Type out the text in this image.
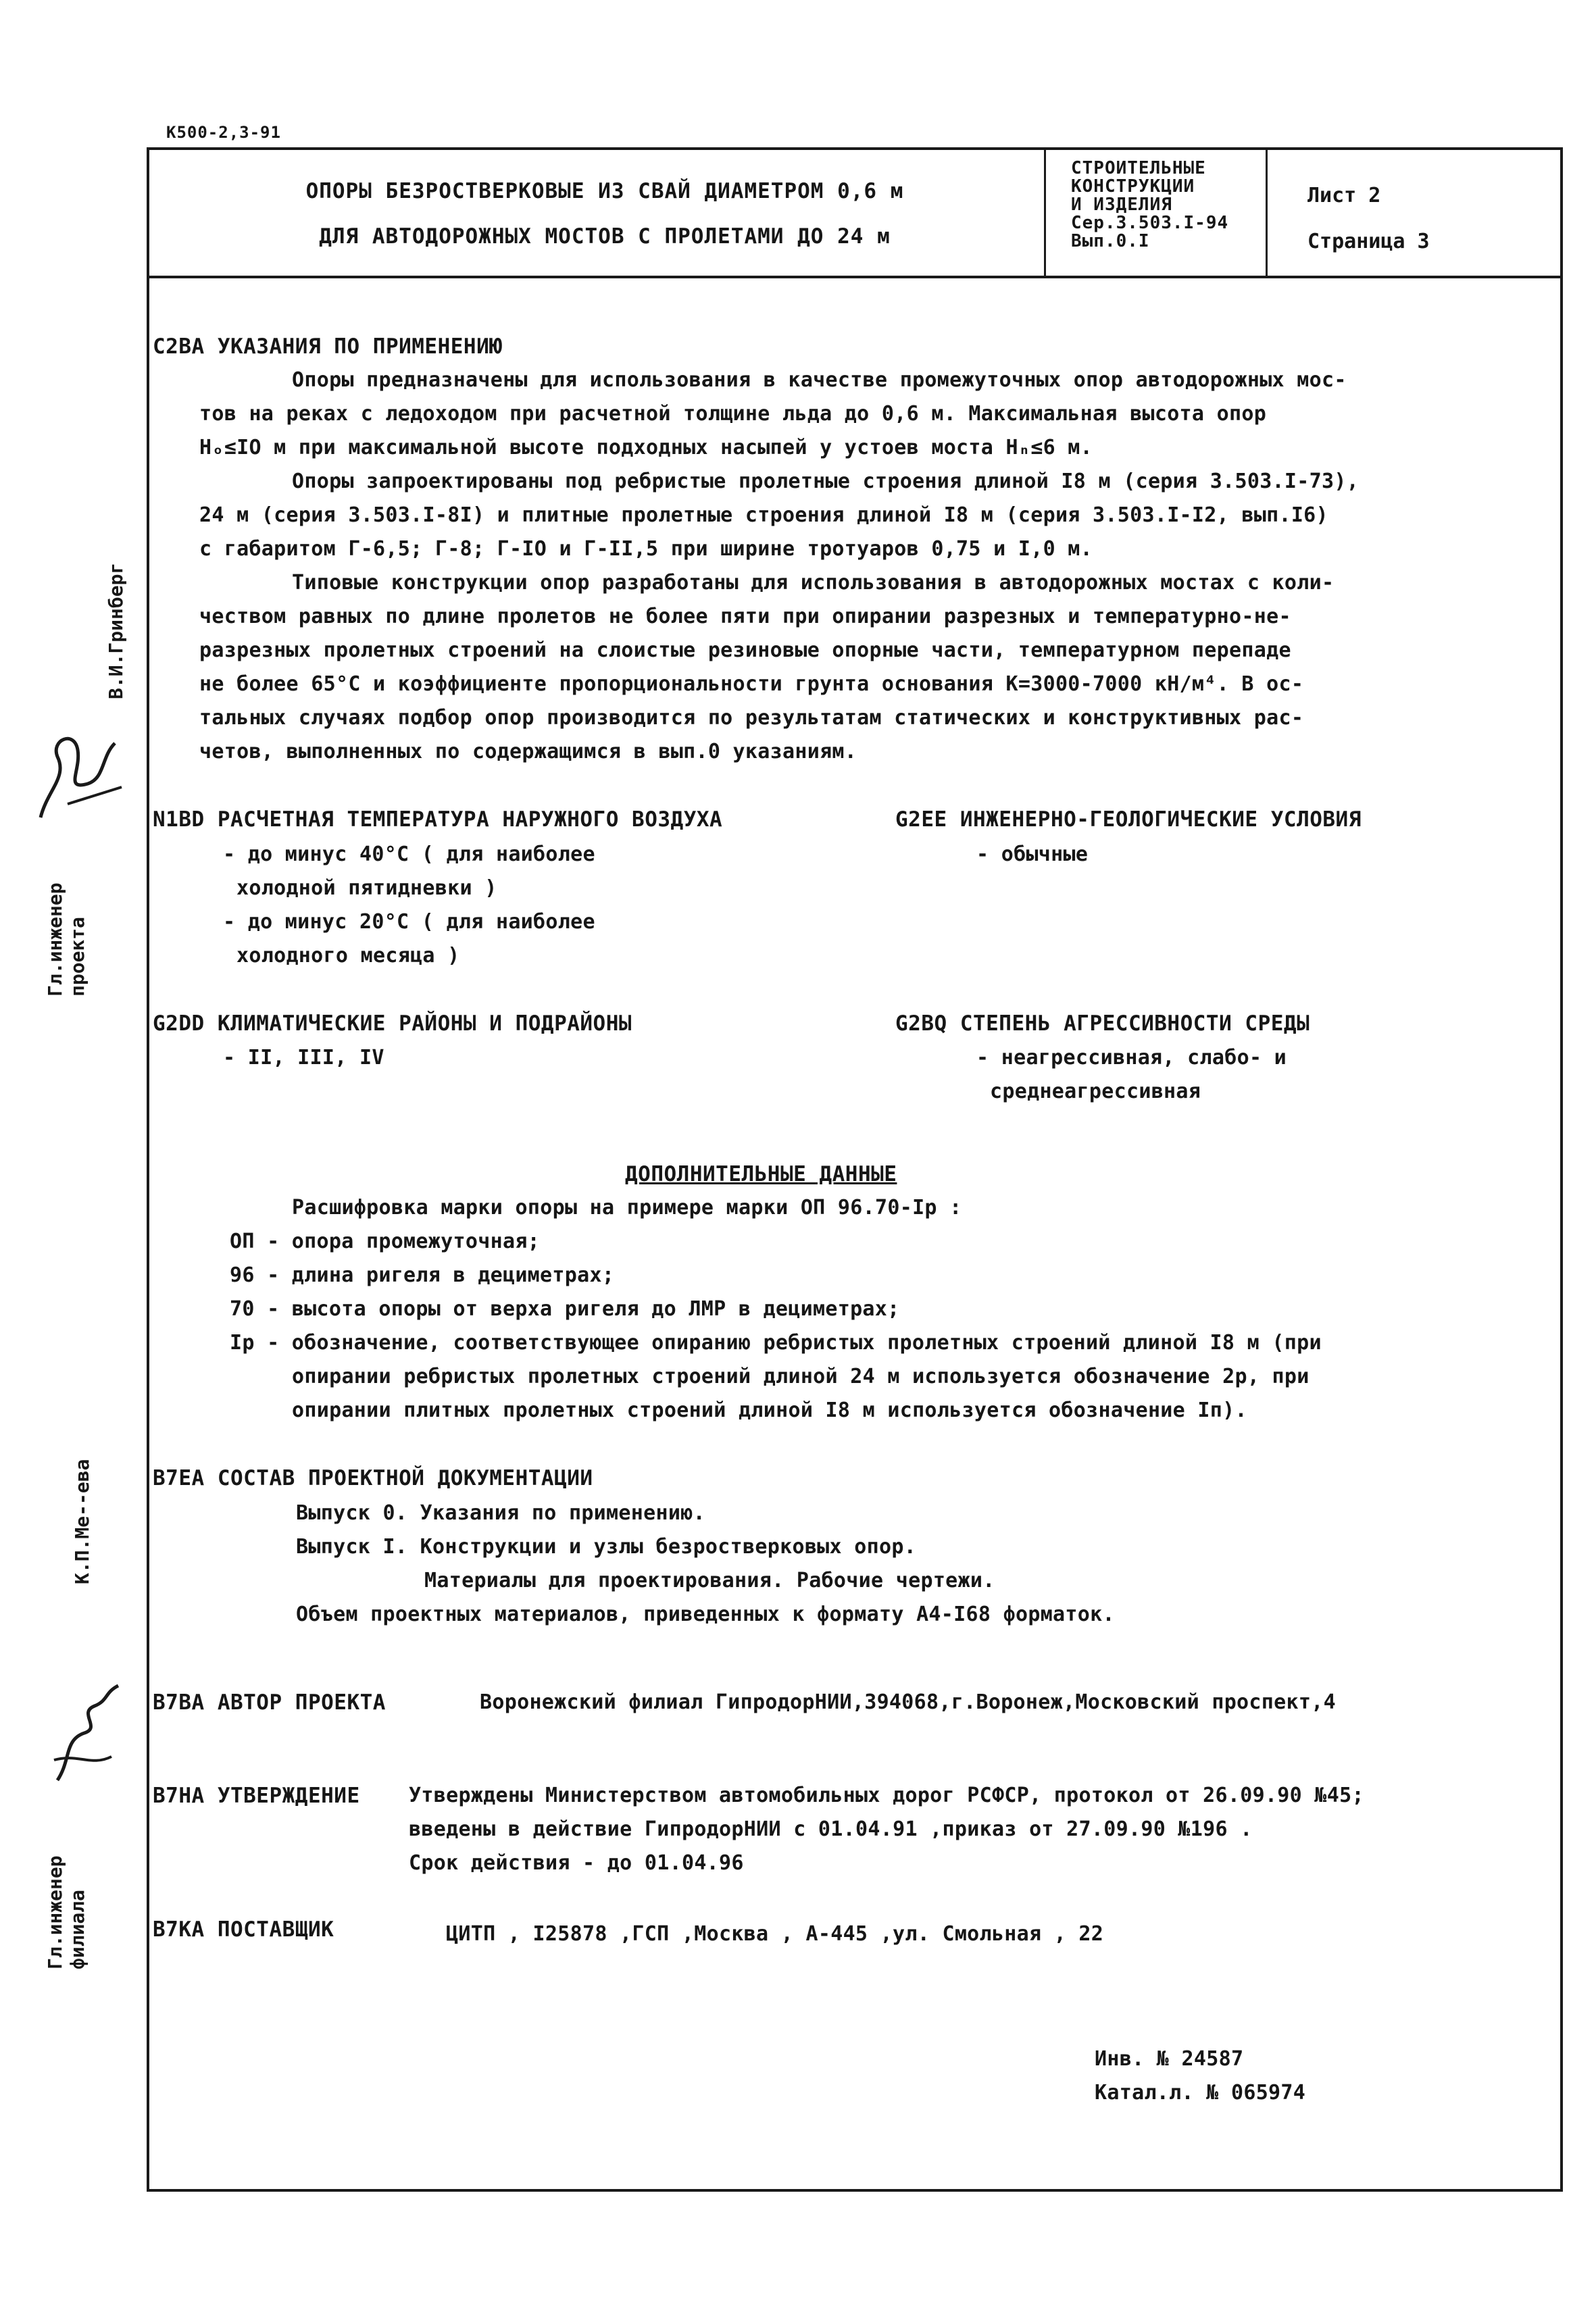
К500-2,3-91
ОПОРЫ БЕЗРОСТВЕРКОВЫЕ ИЗ СВАЙ ДИАМЕТРОМ 0,6 м
ДЛЯ АВТОДОРОЖНЫХ МОСТОВ С ПРОЛЕТАМИ ДО 24 м
СТРОИТЕЛЬНЫЕ
КОНСТРУКЦИИ
И ИЗДЕЛИЯ
Сер.3.503.I-94
Вып.0.I
Лист 2
Страница 3
С2ВА УКАЗАНИЯ ПО ПРИМЕНЕНИЮ
Опоры предназначены для использования в качестве промежуточных опор автодорожных мос-
тов на реках с ледоходом при расчетной толщине льда до 0,6 м. Максимальная высота опор
Hₒ≤IO м при максимальной высоте подходных насыпей у устоев моста Hₙ≤6 м.
Опоры запроектированы под ребристые пролетные строения длиной I8 м (серия 3.503.I-73),
24 м (серия 3.503.I-8I) и плитные пролетные строения длиной I8 м (серия 3.503.I-I2, вып.I6)
с габаритом Г-6,5; Г-8; Г-IO и Г-II,5 при ширине тротуаров 0,75 и I,0 м.
Типовые конструкции опор разработаны для использования в автодорожных мостах с коли-
чеством равных по длине пролетов не более пяти при опирании разрезных и температурно-не-
разрезных пролетных строений на слоистые резиновые опорные части, температурном перепаде
не более 65°С и коэффициенте пропорциональности грунта основания K=3000-7000 кН/м⁴. В ос-
тальных случаях подбор опор производится по результатам статических и конструктивных рас-
четов, выполненных по содержащимся в вып.0 указаниям.
N1BD РАСЧЕТНАЯ ТЕМПЕРАТУРА НАРУЖНОГО ВОЗДУХА
- до минус 40°С ( для наиболее
холодной пятидневки )
- до минус 20°С ( для наиболее
холодного месяца )
G2EE ИНЖЕНЕРНО-ГЕОЛОГИЧЕСКИЕ УСЛОВИЯ
- обычные
G2DD КЛИМАТИЧЕСКИЕ РАЙОНЫ И ПОДРАЙОНЫ
- II, III, IV
G2BQ СТЕПЕНЬ АГРЕССИВНОСТИ СРЕДЫ
- неагрессивная, слабо- и
среднеагрессивная
ДОПОЛНИТЕЛЬНЫЕ ДАННЫЕ
Расшифровка марки опоры на примере марки ОП 96.70-Iр :
ОП - опора промежуточная;
96 - длина ригеля в дециметрах;
70 - высота опоры от верха ригеля до ЛМР в дециметрах;
Iр - обозначение, соответствующее опиранию ребристых пролетных строений длиной I8 м (при
опирании ребристых пролетных строений длиной 24 м используется обозначение 2р, при
опирании плитных пролетных строений длиной I8 м используется обозначение Iп).
В7ЕА СОСТАВ ПРОЕКТНОЙ ДОКУМЕНТАЦИИ
Выпуск 0. Указания по применению.
Выпуск I. Конструкции и узлы безростверковых опор.
Материалы для проектирования. Рабочие чертежи.
Объем проектных материалов, приведенных к формату А4-I68 форматок.
В7ВА АВТОР ПРОЕКТА	Воронежский филиал ГипродорНИИ,394068,г.Воронеж,Московский проспект,4
В7НА УТВЕРЖДЕНИЕ Утверждены Министерством автомобильных дорог РСФСР, протокол от 26.09.90 №45;
введены в действие ГипродорНИИ с 01.04.91 ,приказ от 27.09.90 №196 .
Срок действия - до 01.04.96
В7КА ПОСТАВЩИК	ЦИТП , I25878 ,ГСП ,Москва , А-445 ,ул. Смольная , 22
Инв. № 24587
Катал.л. № 065974
Гл.инженер проекта
В.И.Гринберг
К.П.Ме--ева
Гл.инженер филиала
